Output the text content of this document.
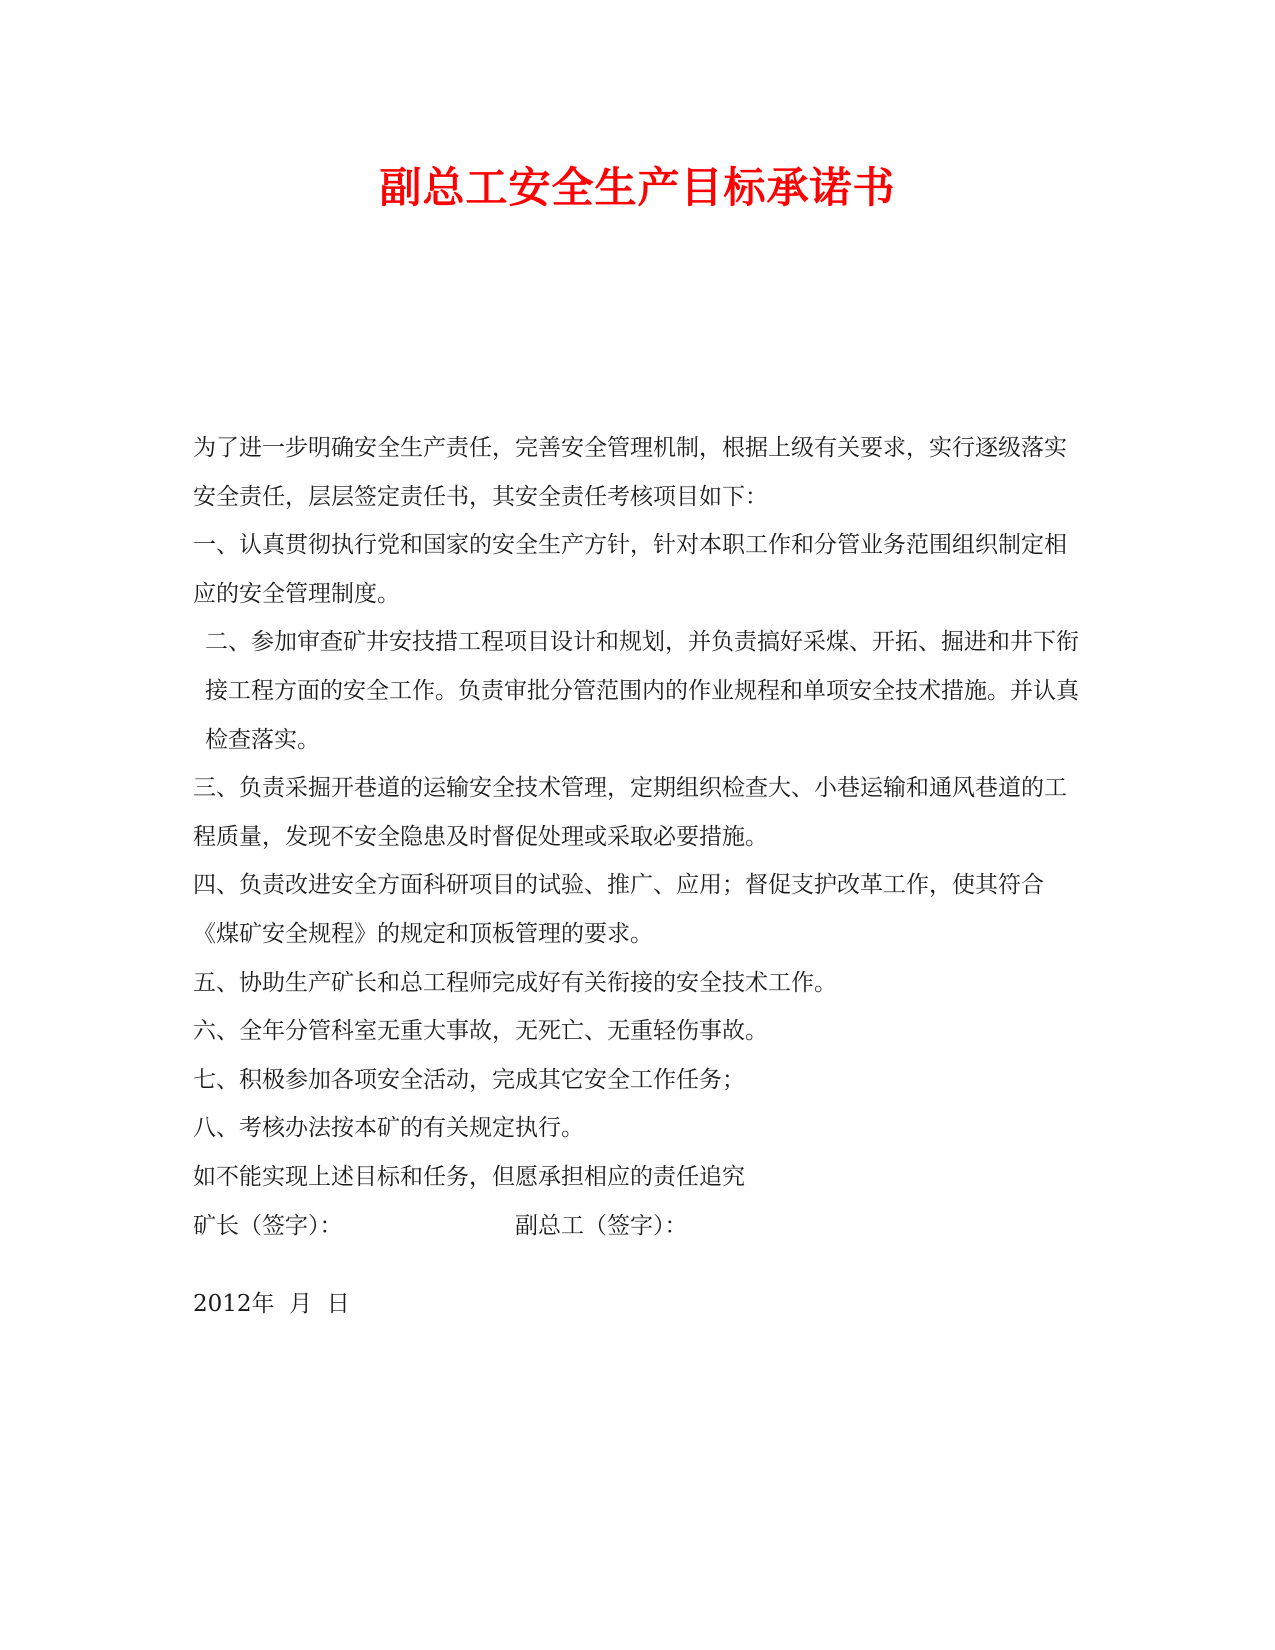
副总工安全生产目标承诺书

为了进一步明确安全生产责任，完善安全管理机制，根据上级有关要求，实行逐级落实安全责任，层层签定责任书，其安全责任考核项目如下：

一、认真贯彻执行党和国家的安全生产方针，针对本职工作和分管业务范围组织制定相应的安全管理制度。

二、参加审查矿井安技措工程项目设计和规划，并负责搞好采煤、开拓、掘进和井下衔接工程方面的安全工作。负责审批分管范围内的作业规程和单项安全技术措施。并认真检查落实。

三、负责采掘开巷道的运输安全技术管理，定期组织检查大、小巷运输和通风巷道的工程质量，发现不安全隐患及时督促处理或采取必要措施。

四、负责改进安全方面科研项目的试验、推广、应用；督促支护改革工作，使其符合《煤矿安全规程》的规定和顶板管理的要求。

五、协助生产矿长和总工程师完成好有关衔接的安全技术工作。

六、全年分管科室无重大事故，无死亡、无重轻伤事故。

七、积极参加各项安全活动，完成其它安全工作任务；

八、考核办法按本矿的有关规定执行。

如不能实现上述目标和任务，但愿承担相应的责任追究

矿长（签字）：	副总工（签字）：
2012年  月  日
